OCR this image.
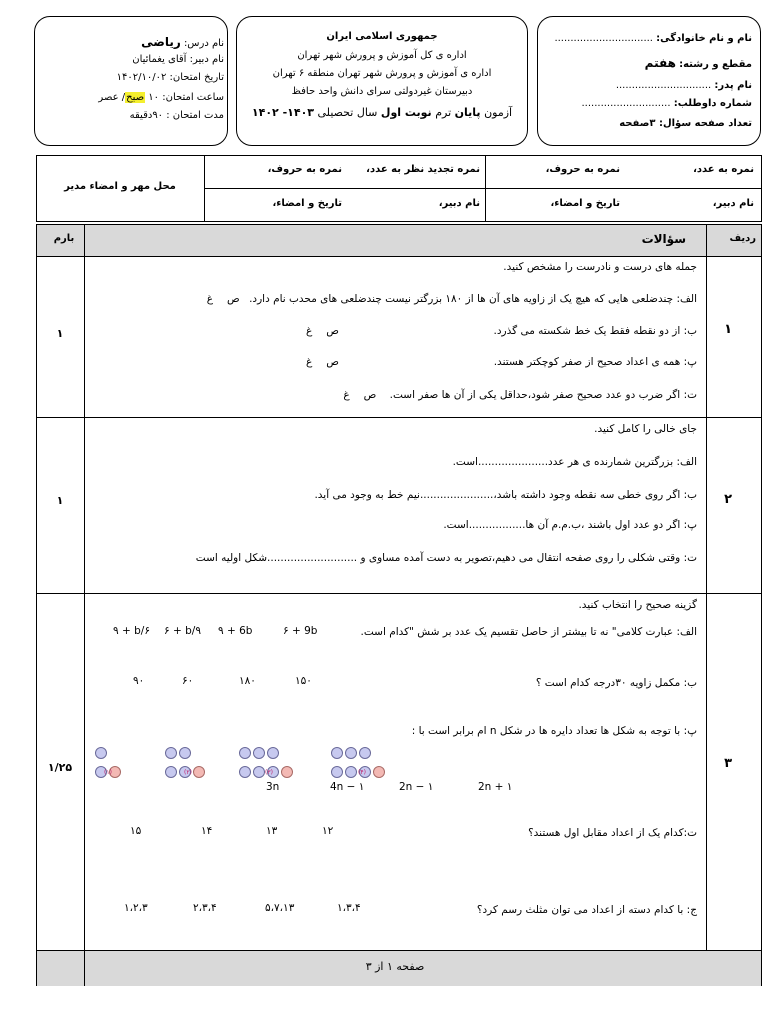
نام و نام خانوادگی: ...............................
مقطع و رشته: هفتم
نام پدر: ..............................
شماره داوطلب: ............................
تعداد صفحه سؤال: ۳صفحه
جمهوری اسلامی ایران
اداره ی کل آموزش و پرورش شهر تهران
اداره ی آموزش و پرورش شهر تهران منطقه ۶ تهران
دبیرستان غیردولتی سرای دانش واحد حافظ
آزمون پایان ترم نوبت اول سال تحصیلی ۱۴۰۳- ۱۴۰۲
نام درس: ریاضی
نام دبیر: آقای یغمائیان
تاریخ امتحان: ۱۴۰۲/۱۰/۰۲
ساعت امتحان: ۱۰ صبح/ عصر
مدت امتحان : ۹۰دقیقه
نمره به عدد،
نمره به حروف،
نمره تجدید نظر به عدد،
نمره به حروف،
نام دبیر،
تاریخ و امضاء،
نام دبیر،
تاریخ و امضاء،
محل مهر و امضاء مدیر
ردیف
سؤالات
بارم
صفحه ۱ از ۳
۱
۱
جمله های درست و نادرست را مشخص کنید.
الف: چندضلعی هایی که هیچ یک از زاویه های آن ها از ۱۸۰ بزرگتر نیست چندضلعی های محدب نام دارد. صغ
ب: از دو نقطه فقط یک خط شکسته می گذرد.
صغ
پ: همه ی اعداد صحیح از صفر کوچکتر هستند.
صغ
ت: اگر ضرب دو عدد صحیح صفر شود،حداقل یکی از آن ها صفر است. صغ
۲
۱
جای خالی را کامل کنید.
الف: بزرگترین شمارنده ی هر عدد.....................است.
ب: اگر روی خطی سه نقطه وجود داشته باشد،......................نیم خط به وجود می آید.
پ: اگر دو عدد اول باشند ،ب.م.م آن ها.................است.
ت: وقتی شکلی را روی صفحه انتقال می دهیم،تصویر به دست آمده مساوی و ...........................شکل اولیه است
۳
۱/۲۵
گزینه صحیح را انتخاب کنید.
الف: عبارت کلامی" نه تا بیشتر از حاصل تقسیم یک عدد بر شش "کدام است.
۶ + 9b
۹ + 6b
۶ + b/۹
۹ + b/۶
ب: مکمل زاویه ۳۰درجه کدام است ؟
۱۵۰
۱۸۰
۶۰
۹۰
پ: با توجه به شکل ها تعداد دایره ها در شکل n ام برابر است با :
(۴)
(۳)
(۲)
(۱)
2n + ۱
2n − ۱
4n − ۱
3n
ت:کدام یک از اعداد مقابل اول هستند؟
۱۲
۱۳
۱۴
۱۵
ج: با کدام دسته از اعداد می توان مثلث رسم کرد؟
۱،۳،۴
۵،۷،۱۳
۲،۳،۴
۱،۲،۳
